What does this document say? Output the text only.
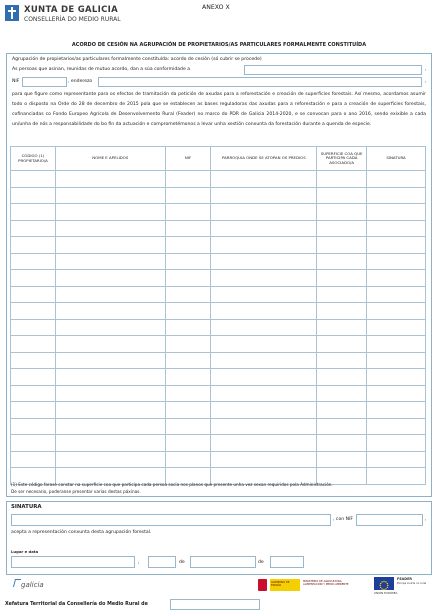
XUNTA DE GALICIA
CONSELLERÍA DO MEDIO RURAL
ANEXO X
ACORDO DE CESIÓN NA AGRUPACIÓN DE PROPIETARIOS/AS PARTICULARES FORMALMENTE CONSTITUÍDA
Agrupación de propietarios/as particulares formalmente constituída: acordo de cesión (só cubrir se procede)
As persoas que asinan, reunidas de mutuo acordo, dan a súa conformidade a	,
NIF	, enderezo	,
para que figure como representante para os efectos de tramitación da petición de axudas para a reforestación e creación de superficies forestais. Así mesmo, acordamos asumir todo o disposto na Orde do 28 de decembro de 2015 pola que se establecen as bases reguladoras das axudas para a reforestación e para a creación de superficies forestais, cofinanciadas co Fondo Europeo Agrícola de Desenvolvemento Rural (Feader) no marco do PDR de Galicia 2014-2020, e se convocan para o ano 2016, sendo exixible a cada un/unha de nós a responsabilidade do bo fin da actuación e comprometémonos a levar unha xestión conxunta da forestación durante a quenda de especie.
CÓDIGO (1) PROPIETARIO/A	NOME E APELIDOS	NIF	PARROQUIA ONDE SE ATOPAN OS PREDIOS	SUPERFICIE COA QUE PARTICIPA CADA ASOCIADO/A	SINATURA

(1) Este código farase constar na superficie coa que participa cada persoa socia nos planos que presente unha vez sexan requiridos pola Administración.
De ser necesario, poderanse presentar varias destas páxinas.
SINATURA
, con NIF	,
acepta a representación conxunta desta agrupación forestal.
Lugar e data
,	de	de
galicia	GOBIERNO DE ESPAÑA
MINISTERIO DE AGRICULTURA, ALIMENTACIÓN Y MEDIO AMBIENTE
FEADER
Europa invirte no rural
UNIÓN EUROPEA
Xefatura Territorial da Consellería do Medio Rural de
